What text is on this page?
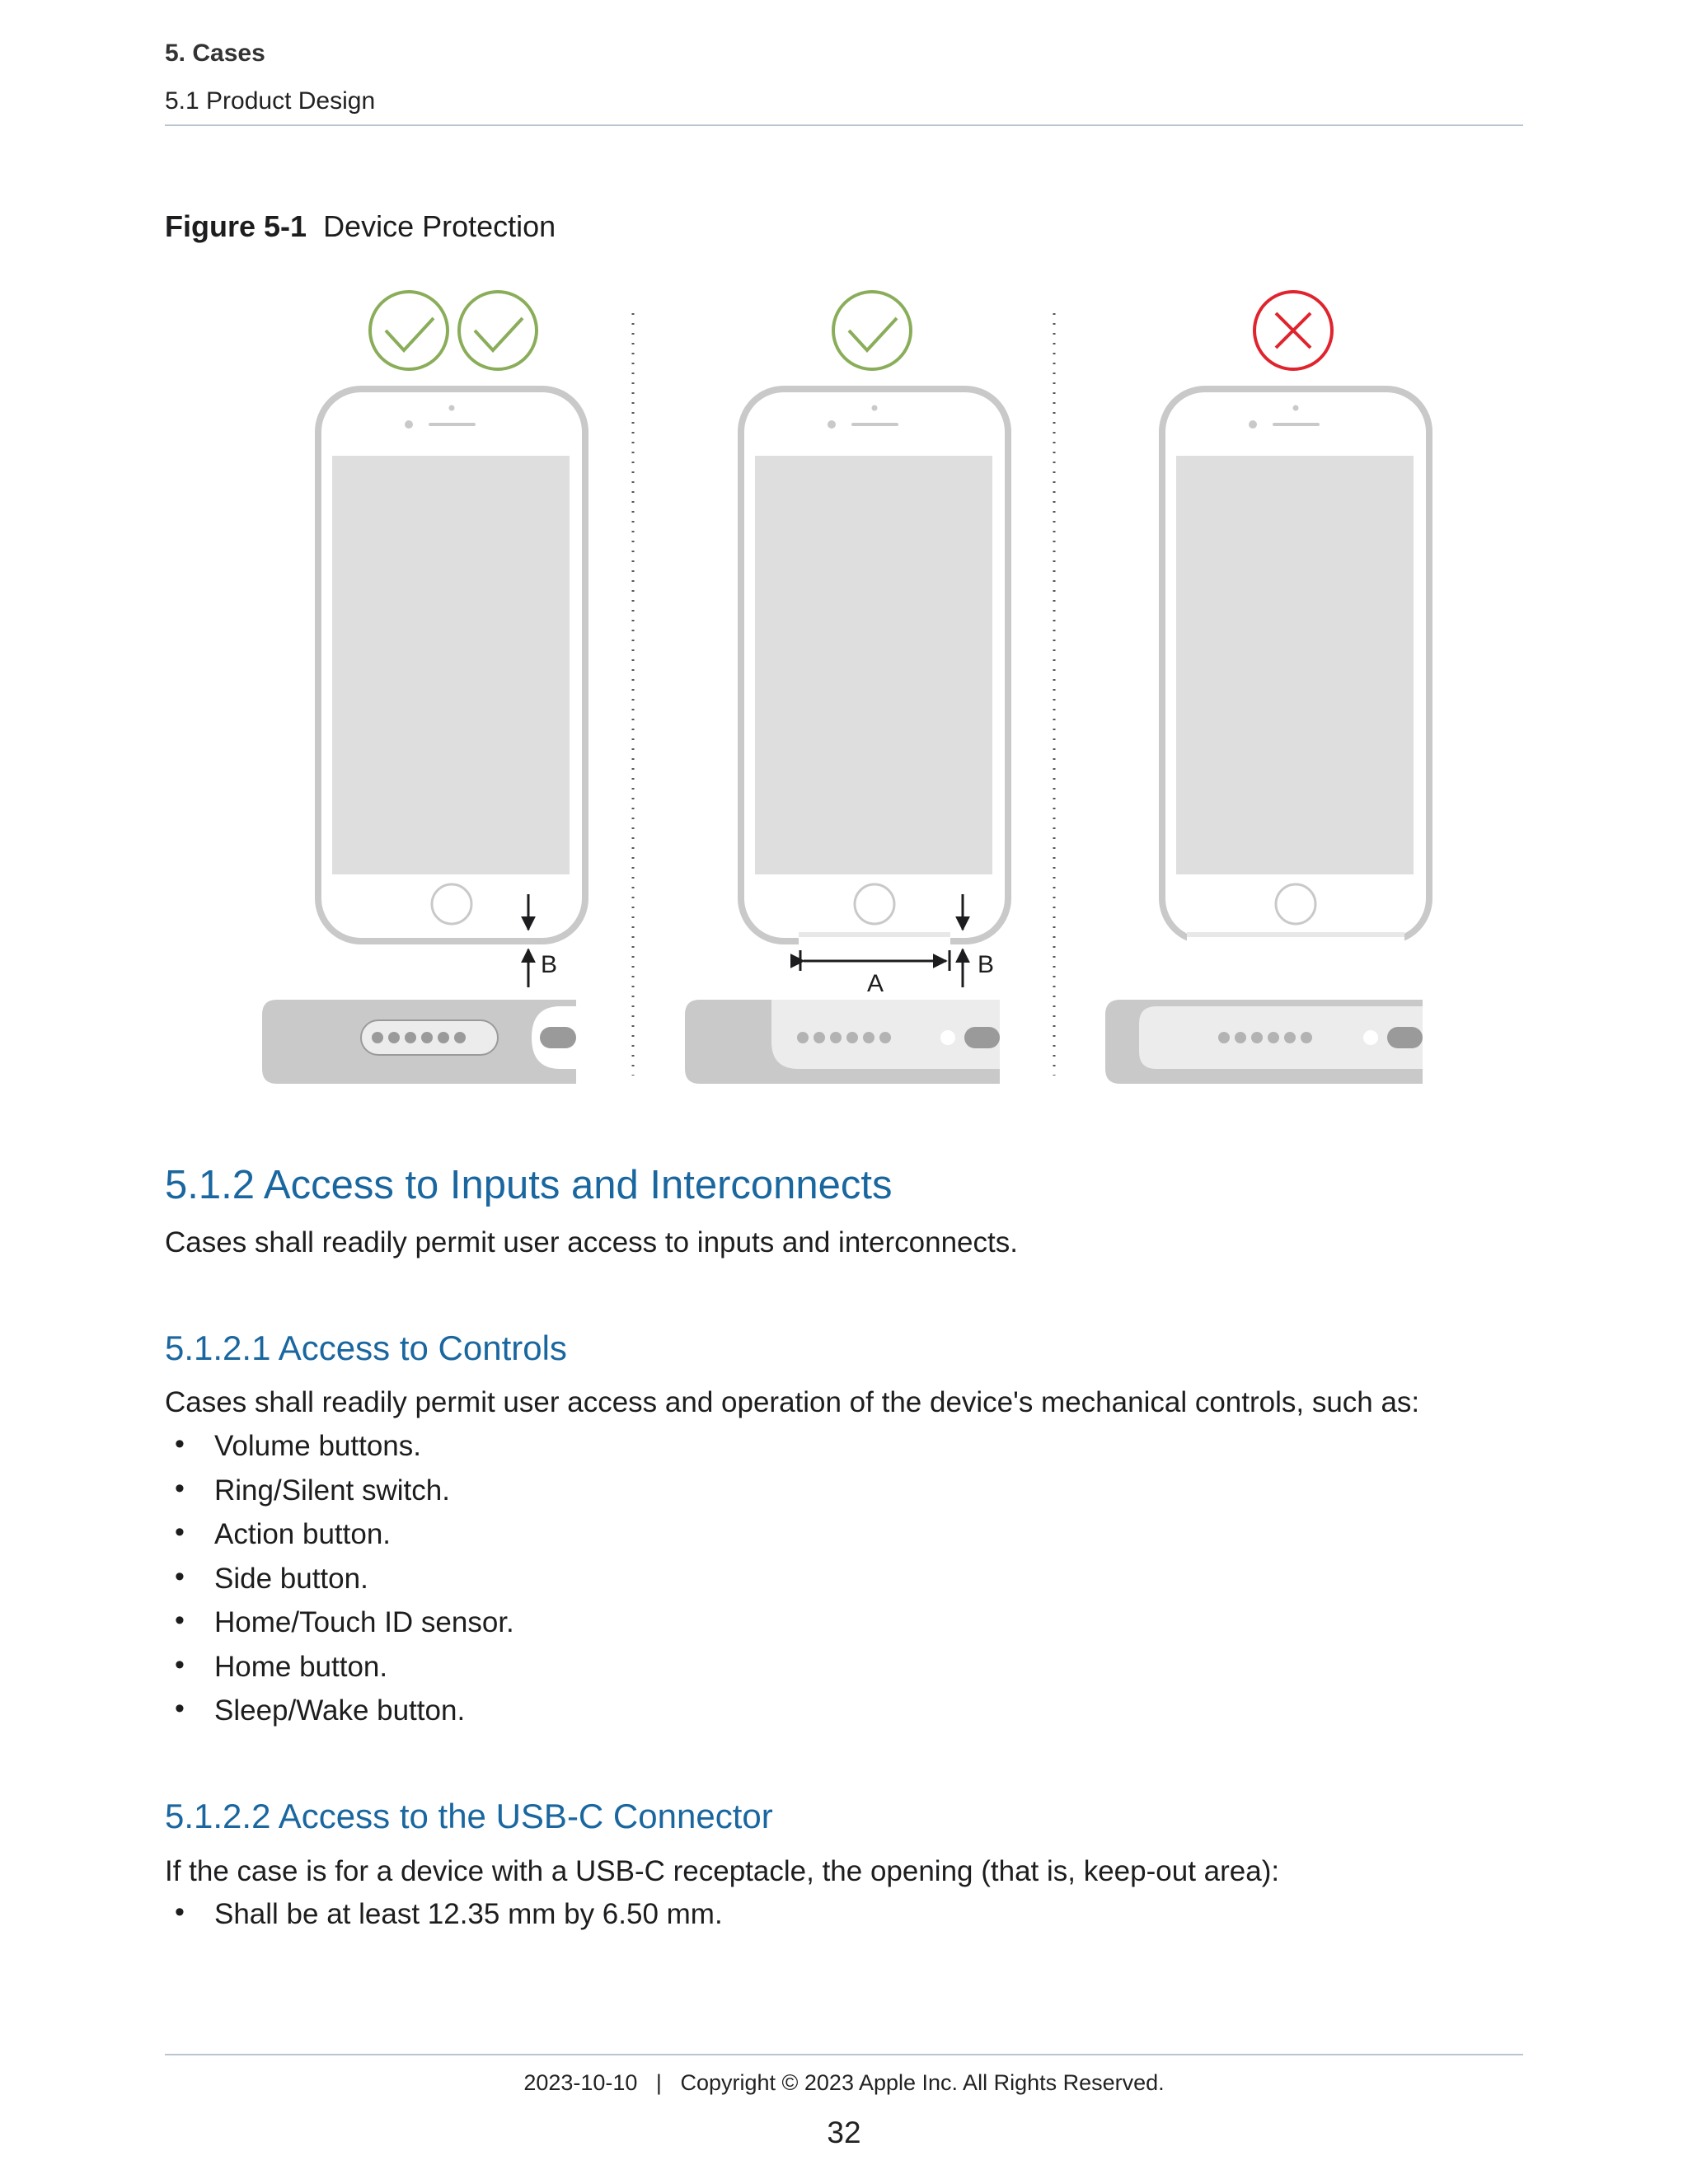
5. Cases
5.1 Product Design
Figure 5-1 Device Protection
B
A
B
5.1.2 Access to Inputs and Interconnects

Cases shall readily permit user access to inputs and interconnects.

5.1.2.1 Access to Controls

Cases shall readily permit user access and operation of the device's mechanical controls, such as:

• Volume buttons.
• Ring/Silent switch.
• Action button.
• Side button.
• Home/Touch ID sensor.
• Home button.
• Sleep/Wake button.
5.1.2.2 Access to the USB-C Connector

If the case is for a device with a USB-C receptacle, the opening (that is, keep-out area):

• Shall be at least 12.35 mm by 6.50 mm.
2023-10-10   |   Copyright © 2023 Apple Inc. All Rights Reserved.
32
